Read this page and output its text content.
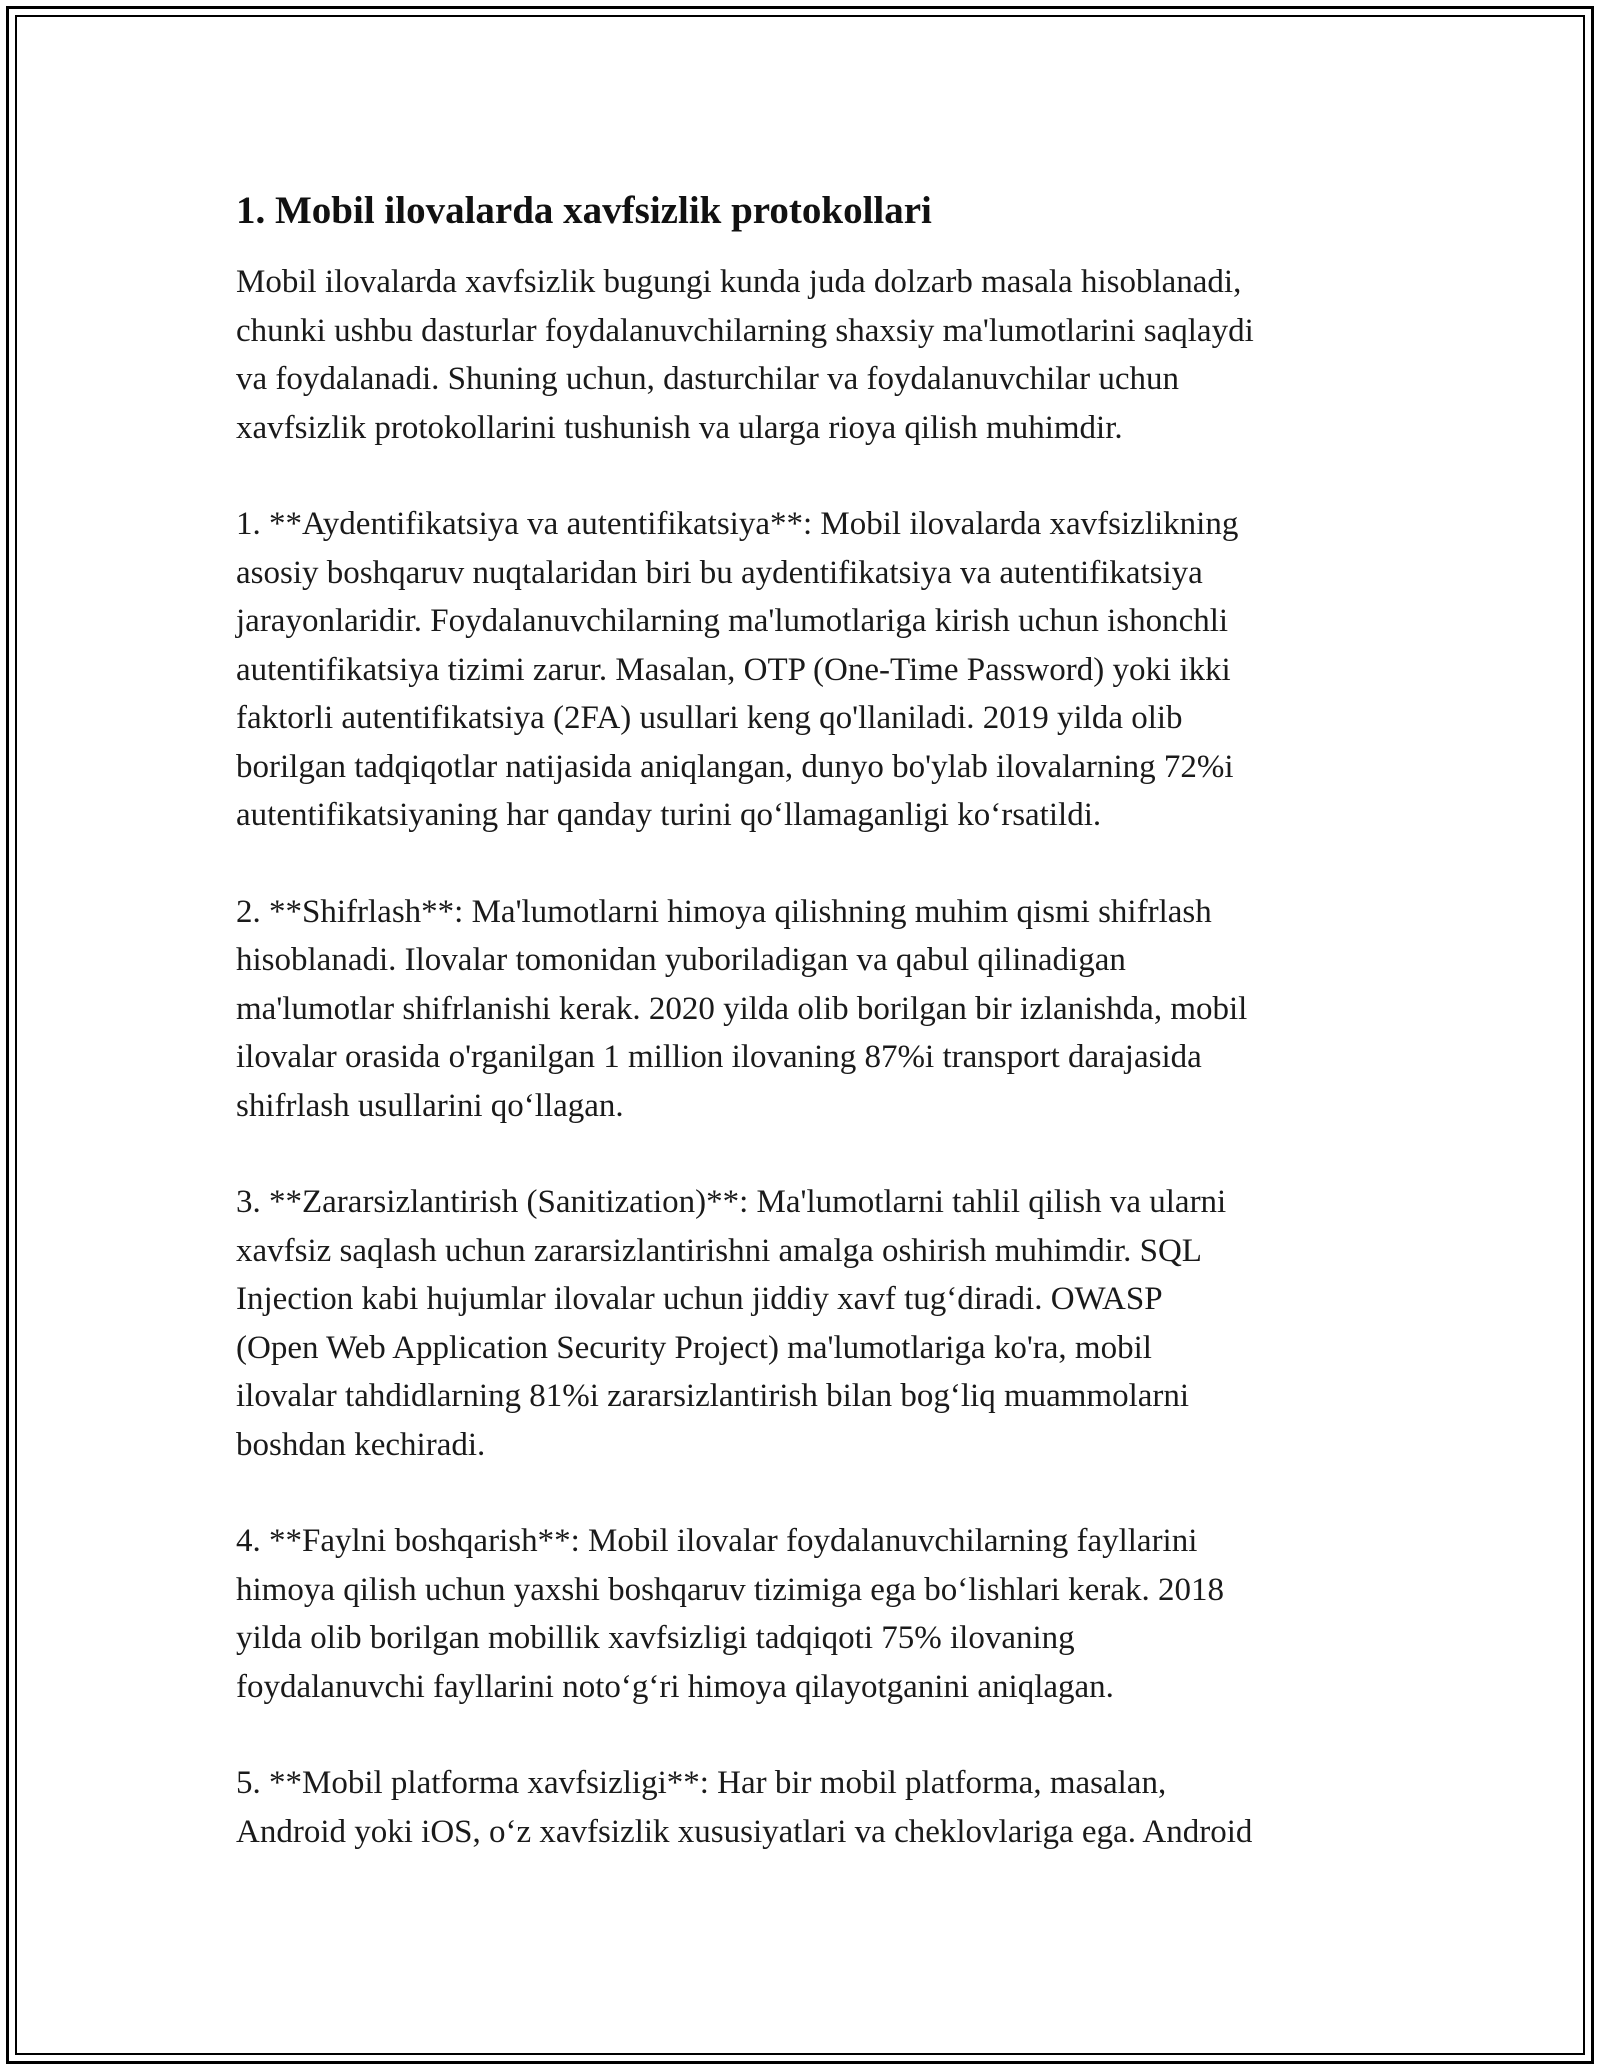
1. Mobil ilovalarda xavfsizlik protokollari

Mobil ilovalarda xavfsizlik bugungi kunda juda dolzarb masala hisoblanadi,
chunki ushbu dasturlar foydalanuvchilarning shaxsiy ma'lumotlarini saqlaydi
va foydalanadi. Shuning uchun, dasturchilar va foydalanuvchilar uchun
xavfsizlik protokollarini tushunish va ularga rioya qilish muhimdir.

1. **Aydentifikatsiya va autentifikatsiya**: Mobil ilovalarda xavfsizlikning
asosiy boshqaruv nuqtalaridan biri bu aydentifikatsiya va autentifikatsiya
jarayonlaridir. Foydalanuvchilarning ma'lumotlariga kirish uchun ishonchli
autentifikatsiya tizimi zarur. Masalan, OTP (One-Time Password) yoki ikki
faktorli autentifikatsiya (2FA) usullari keng qo'llaniladi. 2019 yilda olib
borilgan tadqiqotlar natijasida aniqlangan, dunyo bo'ylab ilovalarning 72%i
autentifikatsiyaning har qanday turini qo‘llamaganligi ko‘rsatildi.

2. **Shifrlash**: Ma'lumotlarni himoya qilishning muhim qismi shifrlash
hisoblanadi. Ilovalar tomonidan yuboriladigan va qabul qilinadigan
ma'lumotlar shifrlanishi kerak. 2020 yilda olib borilgan bir izlanishda, mobil
ilovalar orasida o'rganilgan 1 million ilovaning 87%i transport darajasida
shifrlash usullarini qo‘llagan.

3. **Zararsizlantirish (Sanitization)**: Ma'lumotlarni tahlil qilish va ularni
xavfsiz saqlash uchun zararsizlantirishni amalga oshirish muhimdir. SQL
Injection kabi hujumlar ilovalar uchun jiddiy xavf tug‘diradi. OWASP
(Open Web Application Security Project) ma'lumotlariga ko'ra, mobil
ilovalar tahdidlarning 81%i zararsizlantirish bilan bog‘liq muammolarni
boshdan kechiradi.

4. **Faylni boshqarish**: Mobil ilovalar foydalanuvchilarning fayllarini
himoya qilish uchun yaxshi boshqaruv tizimiga ega bo‘lishlari kerak. 2018
yilda olib borilgan mobillik xavfsizligi tadqiqoti 75% ilovaning
foydalanuvchi fayllarini noto‘g‘ri himoya qilayotganini aniqlagan.

5. **Mobil platforma xavfsizligi**: Har bir mobil platforma, masalan,
Android yoki iOS, o‘z xavfsizlik xususiyatlari va cheklovlariga ega. Android
